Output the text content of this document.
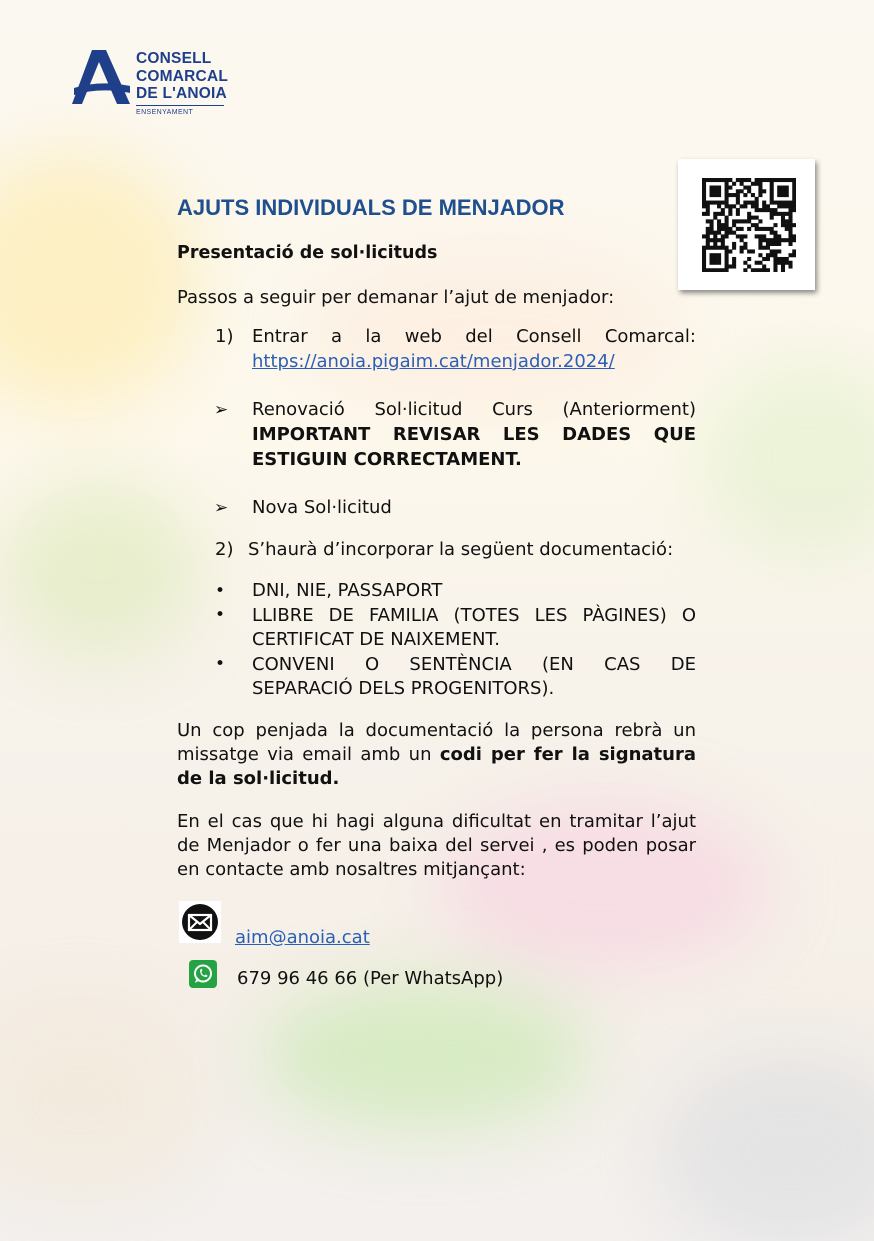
CONSELL
COMARCAL
DE L'ANOIA
ENSENYAMENT
AJUTS INDIVIDUALS DE MENJADOR
Presentació de sol·licituds
Passos a seguir per demanar l’ajut de menjador:
1) Entrar a la web del Consell Comarcal:
https://anoia.pigaim.cat/menjador.2024/
➢ Renovació Sol·licitud Curs (Anteriorment)
IMPORTANT REVISAR LES DADES QUE
ESTIGUIN CORRECTAMENT.
➢ Nova Sol·licitud
2) S’haurà d’incorporar la següent documentació:
• DNI, NIE, PASSAPORT
• LLIBRE DE FAMILIA (TOTES LES PÀGINES) O
CERTIFICAT DE NAIXEMENT.
• CONVENI O SENTÈNCIA (EN CAS DE
SEPARACIÓ DELS PROGENITORS).
Un cop penjada la documentació la persona rebrà un
missatge via email amb un codi per fer la signatura
de la sol·licitud.
En el cas que hi hagi alguna dificultat en tramitar l’ajut
de Menjador o fer una baixa del servei , es poden posar
en contacte amb nosaltres mitjançant:
aim@anoia.cat
679 96 46 66 (Per WhatsApp)
